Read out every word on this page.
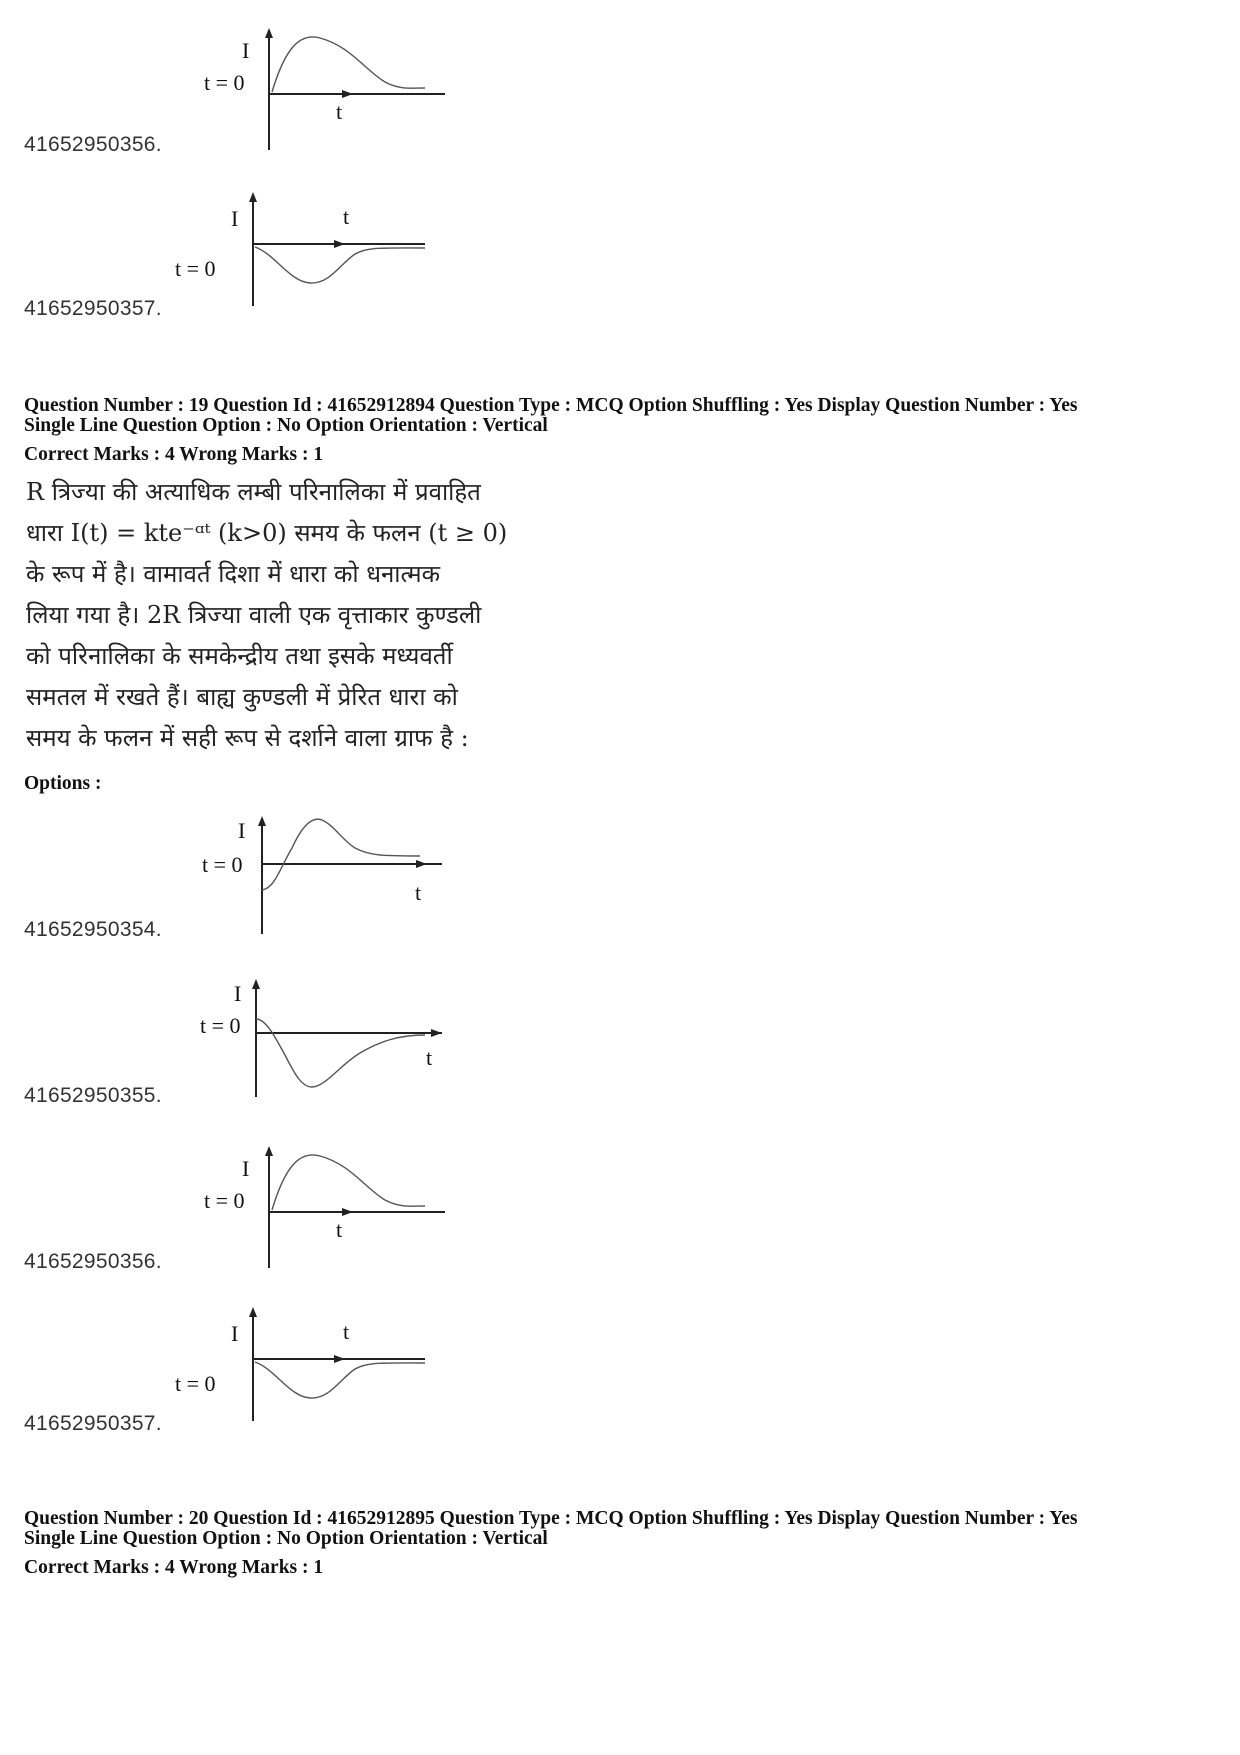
I
t = 0
t
41652950356.
I
t = 0
t
41652950357.
Question Number : 19 Question Id : 41652912894 Question Type : MCQ Option Shuffling : Yes Display Question Number : Yes
Single Line Question Option : No Option Orientation : Vertical
Correct Marks : 4 Wrong Marks : 1
R त्रिज्या की अत्याधिक लम्बी परिनालिका में प्रवाहित
धारा I(t) = kte⁻ᵅᵗ (k>0) समय के फलन (t ≥ 0)
के रूप में है। वामावर्त दिशा में धारा को धनात्मक
लिया गया है। 2R त्रिज्या वाली एक वृत्ताकार कुण्डली
को परिनालिका के समकेन्द्रीय तथा इसके मध्यवर्ती
समतल में रखते हैं। बाह्य कुण्डली में प्रेरित धारा को
समय के फलन में सही रूप से दर्शाने वाला ग्राफ है :
Options :
I
t = 0
t
41652950354.
I
t = 0
t
41652950355.
I
t = 0
t
41652950356.
I
t = 0
t
41652950357.
Question Number : 20 Question Id : 41652912895 Question Type : MCQ Option Shuffling : Yes Display Question Number : Yes
Single Line Question Option : No Option Orientation : Vertical
Correct Marks : 4 Wrong Marks : 1
